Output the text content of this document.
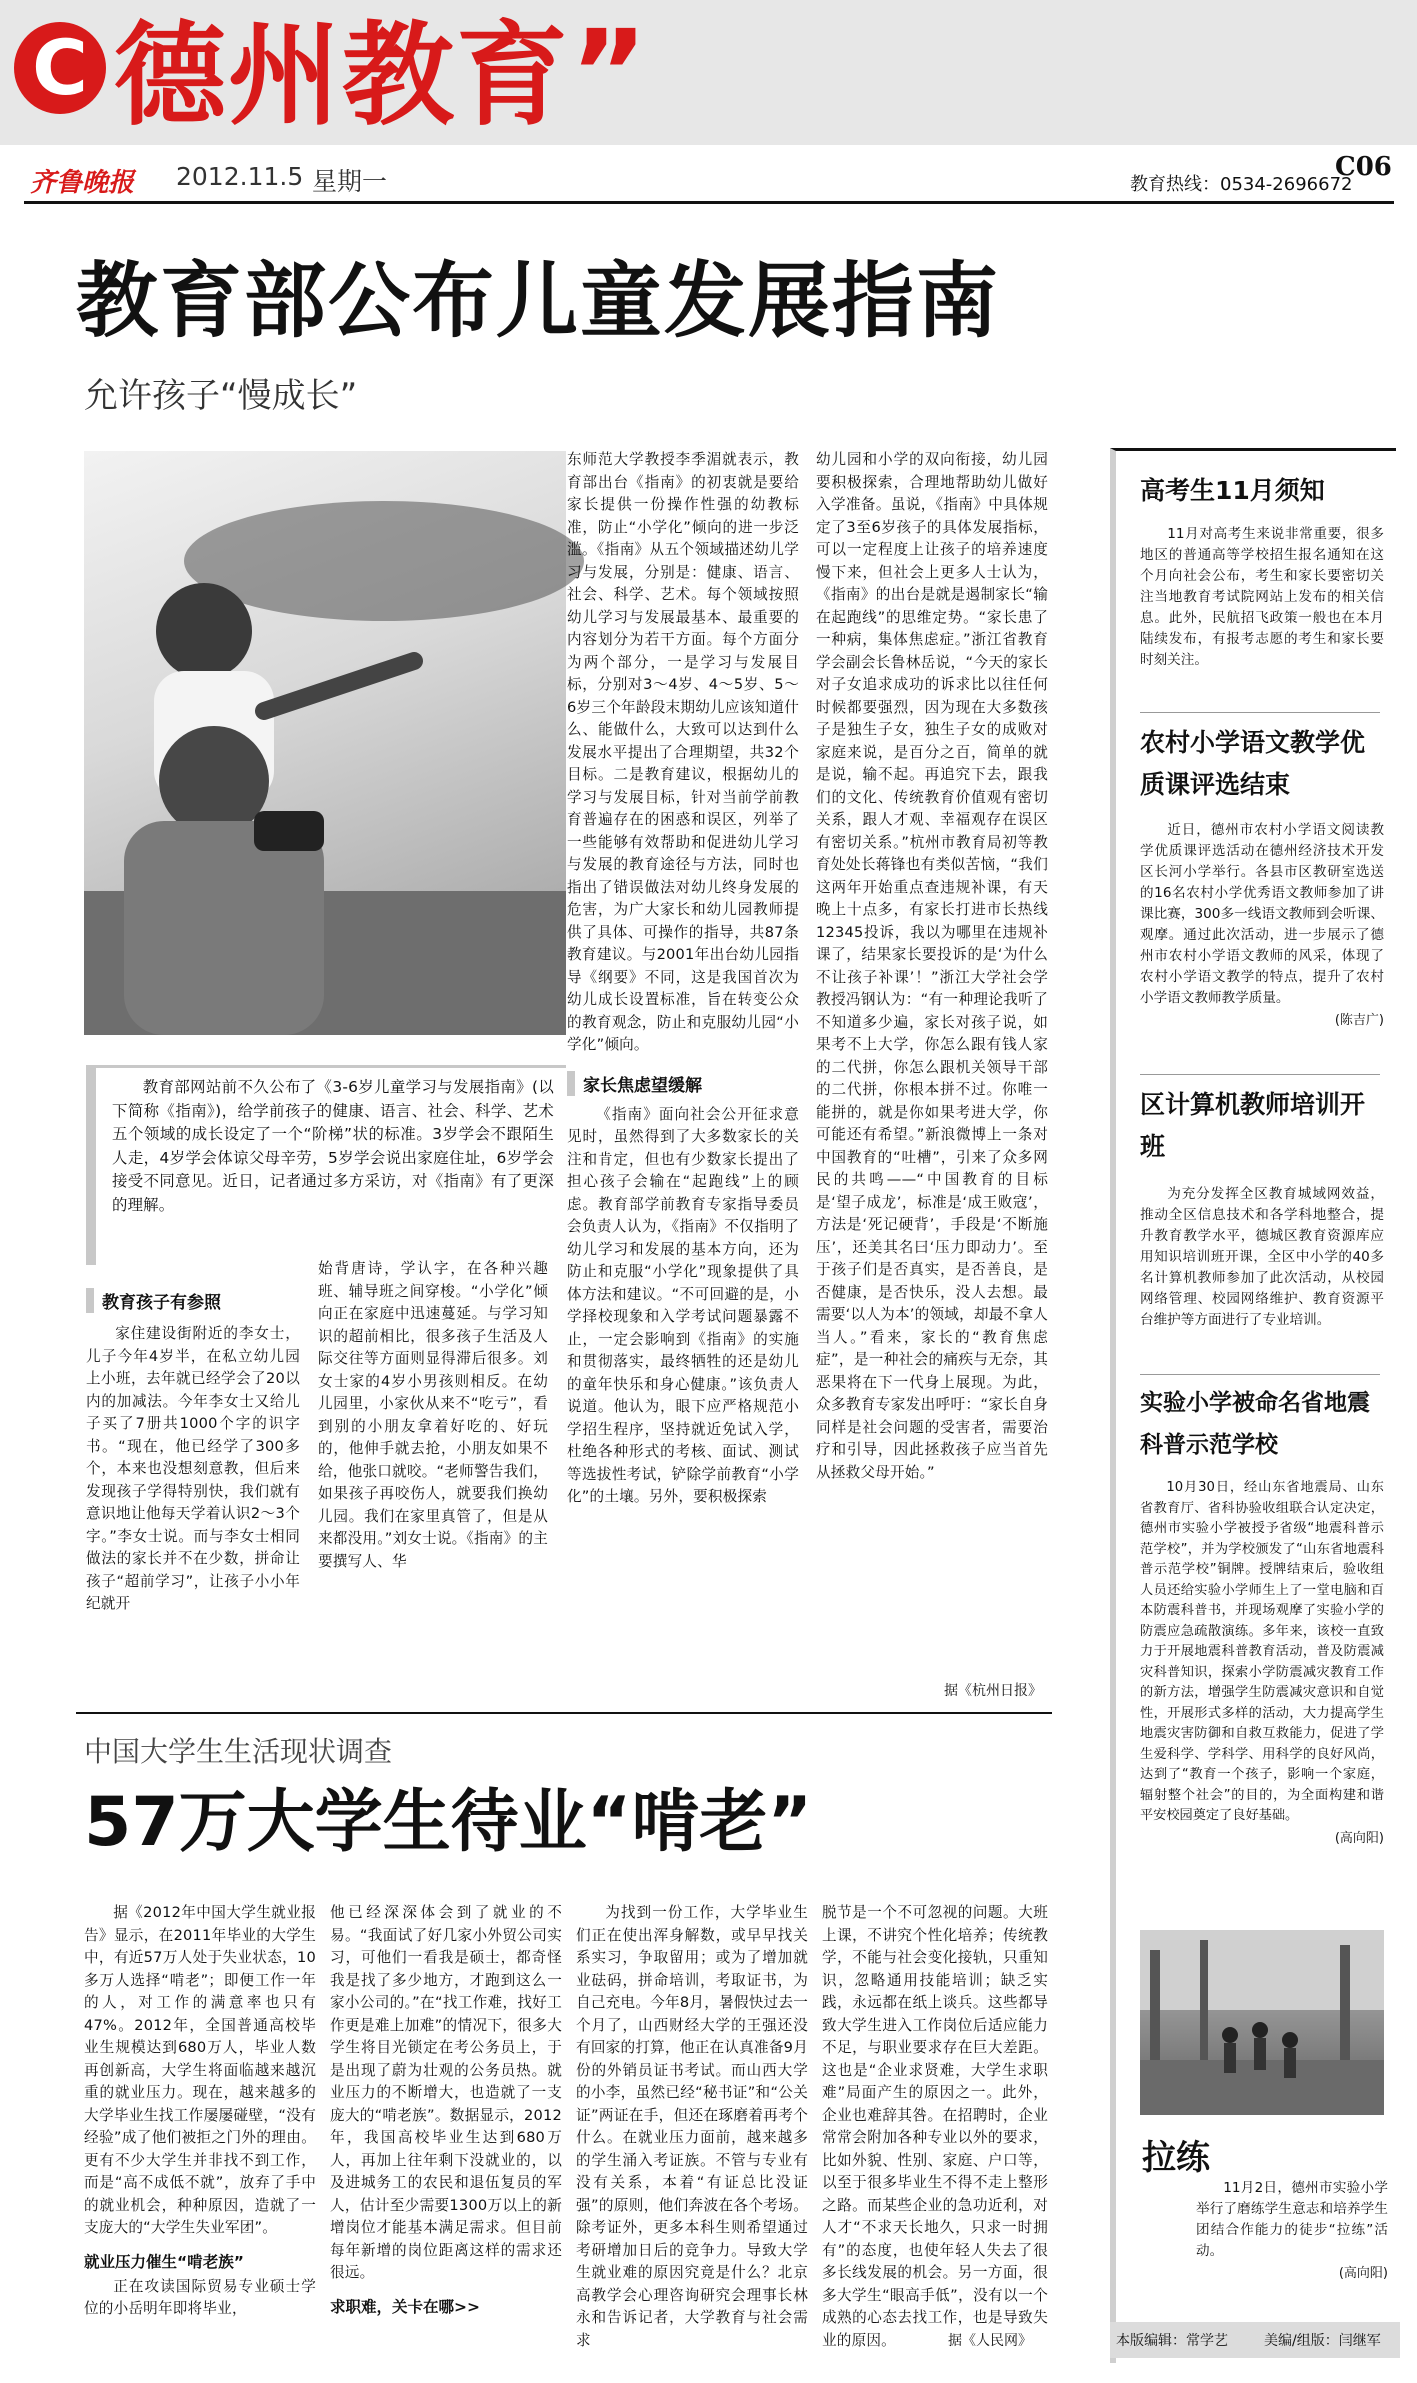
C 德州教育”
齐鲁晚报 2012.11.5 星期一	教育热线：0534-2696672
C06
教育部公布儿童发展指南
允许孩子“慢成长”

教育部网站前不久公布了《3-6岁儿童学习与发展指南》(以下简称《指南》)，给学前孩子的健康、语言、社会、科学、艺术五个领域的成长设定了一个“阶梯”状的标准。3岁学会不跟陌生人走，4岁学会体谅父母辛劳，5岁学会说出家庭住址，6岁学会接受不同意见。近日，记者通过多方采访，对《指南》有了更深的理解。

教育孩子有参照

家住建设街附近的李女士，儿子今年4岁半，在私立幼儿园上小班，去年就已经学会了20以内的加减法。今年李女士又给儿子买了7册共1000个字的识字书。“现在，他已经学了300多个，本来也没想刻意教，但后来发现孩子学得特别快，我们就有意识地让他每天学着认识2～3个字。”李女士说。而与李女士相同做法的家长并不在少数，拼命让孩子“超前学习”，让孩子小小年纪就开

始背唐诗，学认字，在各种兴趣班、辅导班之间穿梭。“小学化”倾向正在家庭中迅速蔓延。与学习知识的超前相比，很多孩子生活及人际交往等方面则显得滞后很多。刘女士家的4岁小男孩则相反。在幼儿园里，小家伙从来不“吃亏”，看到别的小朋友拿着好吃的、好玩的，他伸手就去抢，小朋友如果不给，他张口就咬。“老师警告我们，如果孩子再咬伤人，就要我们换幼儿园。我们在家里真管了，但是从来都没用。”刘女士说。《指南》的主要撰写人、华

东师范大学教授李季湄就表示，教育部出台《指南》的初衷就是要给家长提供一份操作性强的幼教标准，防止“小学化”倾向的进一步泛滥。《指南》从五个领域描述幼儿学习与发展，分别是：健康、语言、社会、科学、艺术。每个领域按照幼儿学习与发展最基本、最重要的内容划分为若干方面。每个方面分为两个部分，一是学习与发展目标，分别对3～4岁、4～5岁、5～6岁三个年龄段末期幼儿应该知道什么、能做什么，大致可以达到什么发展水平提出了合理期望，共32个目标。二是教育建议，根据幼儿的学习与发展目标，针对当前学前教育普遍存在的困惑和误区，列举了一些能够有效帮助和促进幼儿学习与发展的教育途径与方法，同时也指出了错误做法对幼儿终身发展的危害，为广大家长和幼儿园教师提供了具体、可操作的指导，共87条教育建议。与2001年出台幼儿园指导《纲要》不同，这是我国首次为幼儿成长设置标准，旨在转变公众的教育观念，防止和克服幼儿园“小学化”倾向。

家长焦虑望缓解

《指南》面向社会公开征求意见时，虽然得到了大多数家长的关注和肯定，但也有少数家长提出了担心孩子会输在“起跑线”上的顾虑。教育部学前教育专家指导委员会负责人认为，《指南》不仅指明了幼儿学习和发展的基本方向，还为防止和克服“小学化”现象提供了具体方法和建议。“不可回避的是，小学择校现象和入学考试问题暴露不止，一定会影响到《指南》的实施和贯彻落实，最终牺牲的还是幼儿的童年快乐和身心健康。”该负责人说道。他认为，眼下应严格规范小学招生程序，坚持就近免试入学，杜绝各种形式的考核、面试、测试等选拔性考试，铲除学前教育“小学化”的土壤。另外，要积极探索

幼儿园和小学的双向衔接，幼儿园要积极探索，合理地帮助幼儿做好入学准备。虽说，《指南》中具体规定了3至6岁孩子的具体发展指标，可以一定程度上让孩子的培养速度慢下来，但社会上更多人士认为，《指南》的出台是就是遏制家长“输在起跑线”的思维定势。“家长患了一种病，集体焦虑症。”浙江省教育学会副会长鲁林岳说，“今天的家长对子女追求成功的诉求比以往任何时候都要强烈，因为现在大多数孩子是独生子女，独生子女的成败对家庭来说，是百分之百，简单的就是说，输不起。再追究下去，跟我们的文化、传统教育价值观有密切关系，跟人才观、幸福观存在误区有密切关系。”杭州市教育局初等教育处处长蒋锋也有类似苦恼，“我们这两年开始重点查违规补课，有天晚上十点多，有家长打进市长热线12345投诉，我以为哪里在违规补课了，结果家长要投诉的是‘为什么不让孩子补课’！”浙江大学社会学教授冯钢认为：“有一种理论我听了不知道多少遍，家长对孩子说，如果考不上大学，你怎么跟有钱人家的二代拼，你怎么跟机关领导干部的二代拼，你根本拼不过。你唯一能拼的，就是你如果考进大学，你可能还有希望。”新浪微博上一条对中国教育的“吐槽”，引来了众多网民的共鸣——“中国教育的目标是‘望子成龙’，标准是‘成王败寇’，方法是‘死记硬背’，手段是‘不断施压’，还美其名曰‘压力即动力’。至于孩子们是否真实，是否善良，是否健康，是否快乐，没人去想。最需要‘以人为本’的领域，却最不拿人当人。”看来，家长的“教育焦虑症”，是一种社会的痛疾与无奈，其恶果将在下一代身上展现。为此，众多教育专家发出呼吁：“家长自身同样是社会问题的受害者，需要治疗和引导，因此拯救孩子应当首先从拯救父母开始。”

据《杭州日报》

中国大学生生活现状调查
57万大学生待业“啃老”

据《2012年中国大学生就业报告》显示，在2011年毕业的大学生中，有近57万人处于失业状态，10多万人选择“啃老”；即便工作一年的人，对工作的满意率也只有47%。2012年，全国普通高校毕业生规模达到680万人，毕业人数再创新高，大学生将面临越来越沉重的就业压力。现在，越来越多的大学毕业生找工作屡屡碰壁，“没有经验”成了他们被拒之门外的理由。更有不少大学生并非找不到工作，而是“高不成低不就”，放弃了手中的就业机会，种种原因，造就了一支庞大的“大学生失业军团”。

就业压力催生“啃老族”

正在攻读国际贸易专业硕士学位的小岳明年即将毕业，

他已经深深体会到了就业的不易。“我面试了好几家小外贸公司实习，可他们一看我是硕士，都奇怪我是找了多少地方，才跑到这么一家小公司的。”在“找工作难，找好工作更是难上加难”的情况下，很多大学生将目光锁定在考公务员上，于是出现了蔚为壮观的公务员热。就业压力的不断增大，也造就了一支庞大的“啃老族”。数据显示，2012年，我国高校毕业生达到680万人，再加上往年剩下没就业的，以及进城务工的农民和退伍复员的军人，估计至少需要1300万以上的新增岗位才能基本满足需求。但目前每年新增的岗位距离这样的需求还很远。

求职难，关卡在哪>>

为找到一份工作，大学毕业生们正在使出浑身解数，或早早找关系实习，争取留用；或为了增加就业砝码，拼命培训，考取证书，为自己充电。今年8月，暑假快过去一个月了，山西财经大学的王强还没有回家的打算，他正在认真准备9月份的外销员证书考试。而山西大学的小李，虽然已经“秘书证”和“公关证”两证在手，但还在琢磨着再考个什么。在就业压力面前，越来越多的学生涌入考证族。不管与专业有没有关系，本着“有证总比没证强”的原则，他们奔波在各个考场。除考证外，更多本科生则希望通过考研增加日后的竞争力。导致大学生就业难的原因究竟是什么？北京高教学会心理咨询研究会理事长林永和告诉记者，大学教育与社会需求

脱节是一个不可忽视的问题。大班上课，不讲究个性化培养；传统教学，不能与社会变化接轨，只重知识，忽略通用技能培训；缺乏实践，永远都在纸上谈兵。这些都导致大学生进入工作岗位后适应能力不足，与职业要求存在巨大差距。这也是“企业求贤难，大学生求职难”局面产生的原因之一。此外，企业也难辞其咎。在招聘时，企业常常会附加各种专业以外的要求，比如外貌、性别、家庭、户口等，以至于很多毕业生不得不走上整形之路。而某些企业的急功近利，对人才“不求天长地久，只求一时拥有”的态度，也使年轻人失去了很多长线发展的机会。另一方面，很多大学生“眼高手低”，没有以一个成熟的心态去找工作，也是导致失业的原因。	据《人民网》

高考生11月须知

11月对高考生来说非常重要，很多地区的普通高等学校招生报名通知在这个月向社会公布，考生和家长要密切关注当地教育考试院网站上发布的相关信息。此外，民航招飞政策一般也在本月陆续发布，有报考志愿的考生和家长要时刻关注。

农村小学语文教学优质课评选结束

近日，德州市农村小学语文阅读教学优质课评选活动在德州经济技术开发区长河小学举行。各县市区教研室选送的16名农村小学优秀语文教师参加了讲课比赛，300多一线语文教师到会听课、观摩。通过此次活动，进一步展示了德州市农村小学语文教师的风采，体现了农村小学语文教学的特点，提升了农村小学语文教师教学质量。

(陈吉广)

区计算机教师培训开班

为充分发挥全区教育城域网效益，推动全区信息技术和各学科地整合，提升教育教学水平，德城区教育资源库应用知识培训班开课，全区中小学的40多名计算机教师参加了此次活动，从校园网络管理、校园网络维护、教育资源平台维护等方面进行了专业培训。

实验小学被命名省地震科普示范学校

10月30日，经山东省地震局、山东省教育厅、省科协验收组联合认定决定，德州市实验小学被授予省级“地震科普示范学校”，并为学校颁发了“山东省地震科普示范学校”铜牌。授牌结束后，验收组人员还给实验小学师生上了一堂电脑和百本防震科普书，并现场观摩了实验小学的防震应急疏散演练。多年来，该校一直致力于开展地震科普教育活动，普及防震减灾科普知识，探索小学防震减灾教育工作的新方法，增强学生防震减灾意识和自觉性，开展形式多样的活动，大力提高学生地震灾害防御和自救互救能力，促进了学生爱科学、学科学、用科学的良好风尚，达到了“教育一个孩子，影响一个家庭，辐射整个社会”的目的，为全面构建和谐平安校园奠定了良好基础。

(高向阳)

拉练

11月2日，德州市实验小学举行了磨练学生意志和培养学生团结合作能力的徒步“拉练”活动。

(高向阳)

本版编辑：常学艺	美编/组版：闫继军
